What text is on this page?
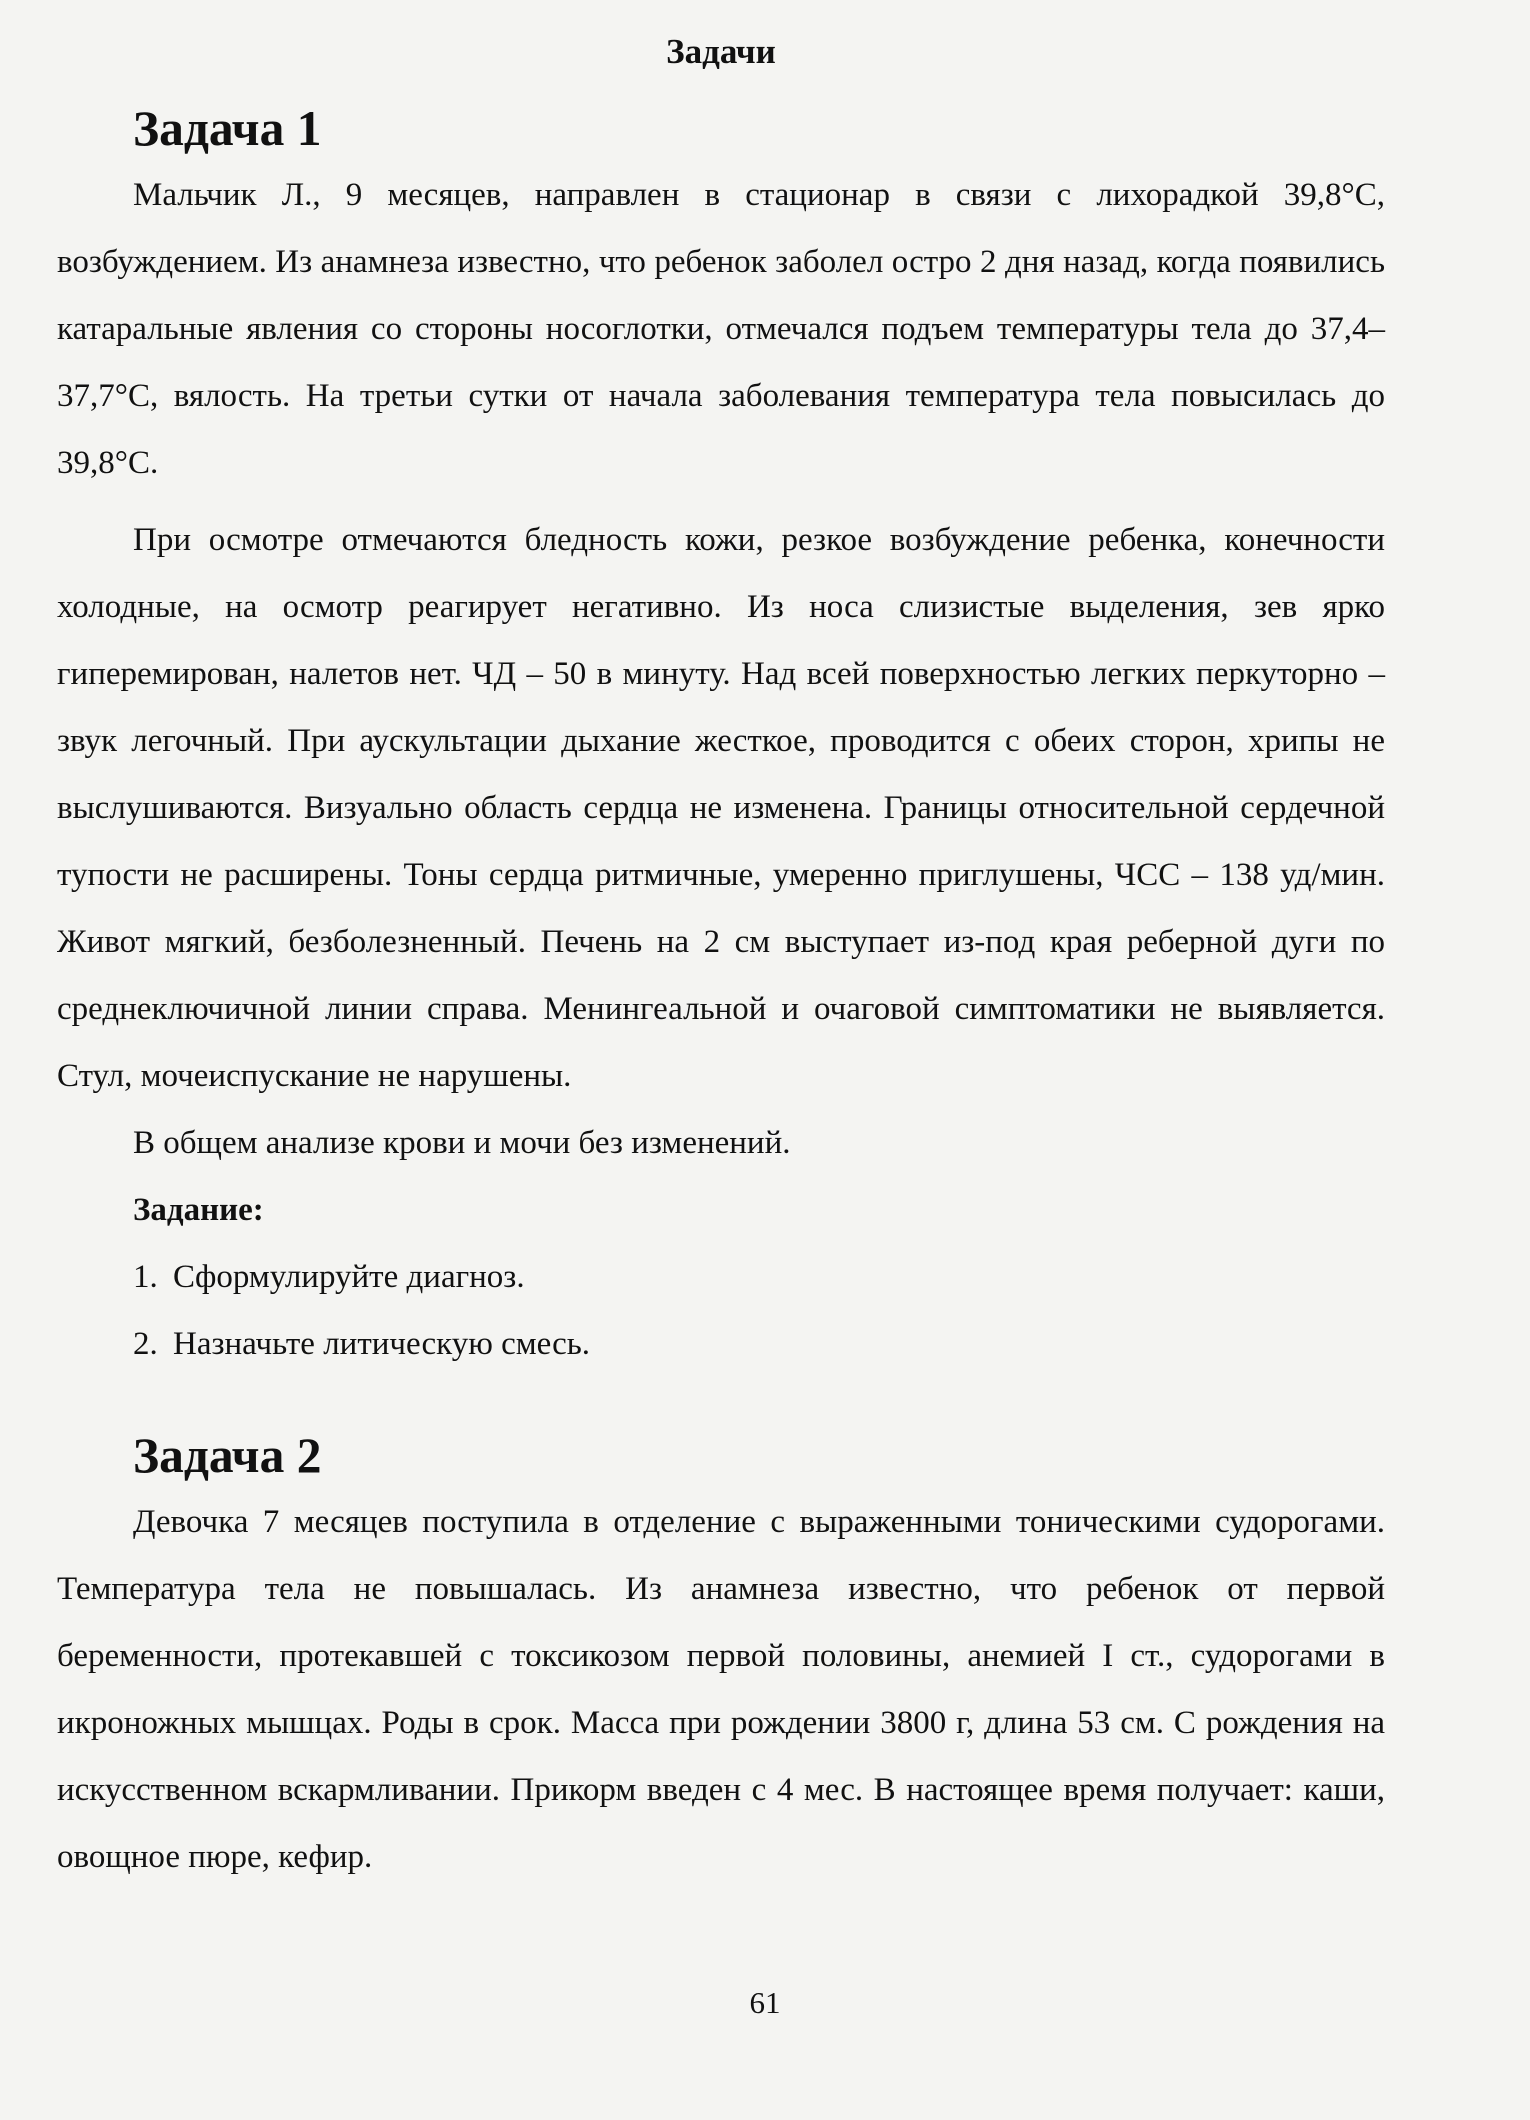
Задачи
Задача 1

Мальчик Л., 9 месяцев, направлен в стационар в связи с лихорадкой 39,8°С, возбуждением. Из анамнеза известно, что ребенок заболел остро 2 дня назад, когда появились катаральные явления со стороны носоглотки, отмечался подъем температуры тела до 37,4–37,7°С, вялость. На третьи сутки от начала заболевания температура тела повысилась до 39,8°С.

При осмотре отмечаются бледность кожи, резкое возбуждение ребенка, конечности холодные, на осмотр реагирует негативно. Из носа слизистые выделения, зев ярко гиперемирован, налетов нет. ЧД – 50 в минуту. Над всей поверхностью легких перкуторно – звук легочный. При аускультации дыхание жесткое, проводится с обеих сторон, хрипы не выслушиваются. Визуально область сердца не изменена. Границы относительной сердечной тупости не расширены. Тоны сердца ритмичные, умеренно приглушены, ЧСС – 138 уд/мин. Живот мягкий, безболезненный. Печень на 2 см выступает из-под края реберной дуги по среднеключичной линии справа. Менингеальной и очаговой симптоматики не выявляется. Стул, мочеиспускание не нарушены.

В общем анализе крови и мочи без изменений.

Задание:

1. Сформулируйте диагноз.
2. Назначьте литическую смесь.
Задача 2

Девочка 7 месяцев поступила в отделение с выраженными тоническими судорогами. Температура тела не повышалась. Из анамнеза известно, что ребенок от первой беременности, протекавшей с токсикозом первой половины, анемией I ст., судорогами в икроножных мышцах. Роды в срок. Масса при рождении 3800 г, длина 53 см. С рождения на искусственном вскармливании. Прикорм введен с 4 мес. В настоящее время получает: каши, овощное пюре, кефир.

61
